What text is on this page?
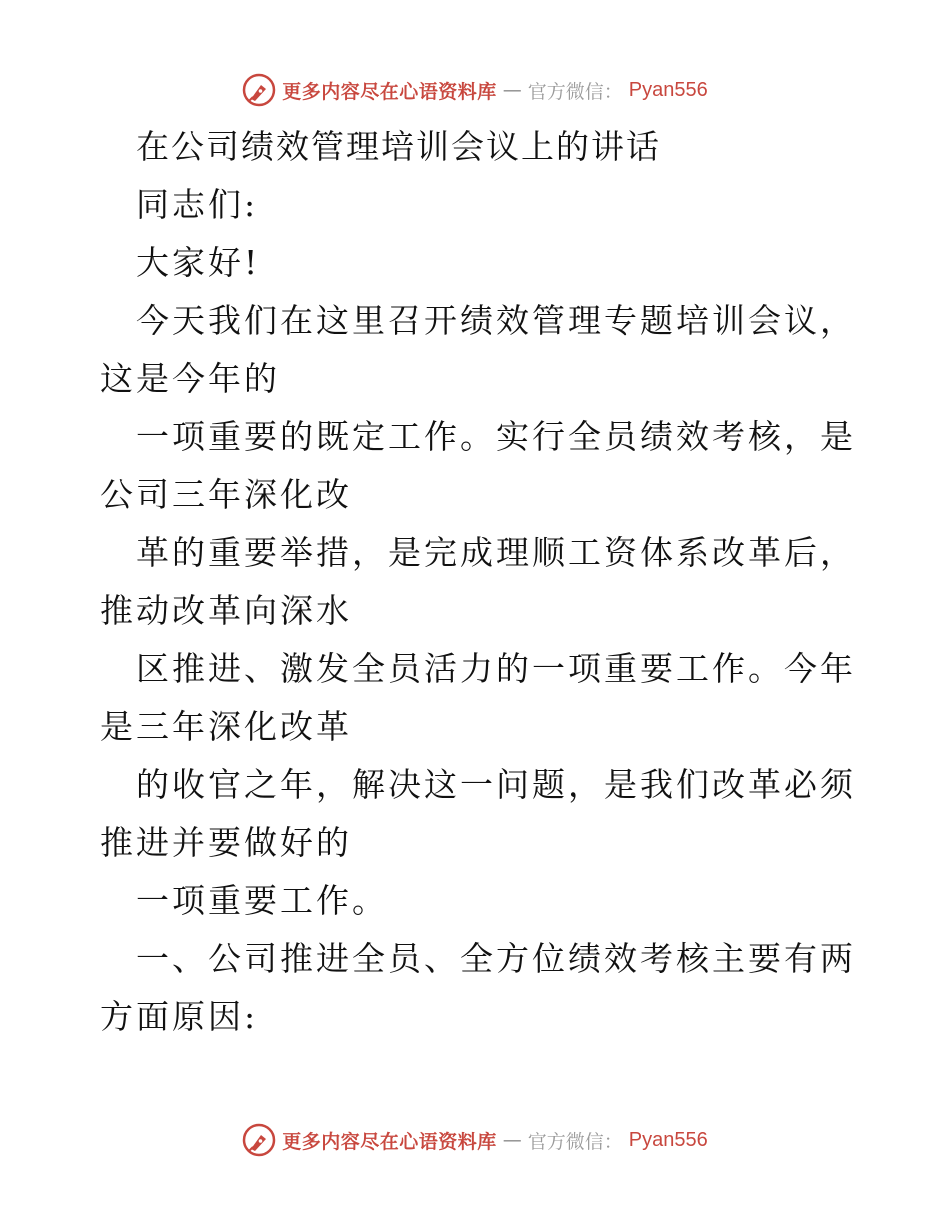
更多内容尽在心语资料库 — 官方微信： Pyan556

在公司绩效管理培训会议上的讲话

同志们:

大家好!

今天我们在这里召开绩效管理专题培训会议，这是今年的

一项重要的既定工作。实行全员绩效考核，是公司三年深化改

革的重要举措，是完成理顺工资体系改革后，推动改革向深水

区推进、激发全员活力的一项重要工作。今年是三年深化改革

的收官之年，解决这一问题，是我们改革必须推进并要做好的

一项重要工作。

一、公司推进全员、全方位绩效考核主要有两方面原因:

更多内容尽在心语资料库 — 官方微信： Pyan556
